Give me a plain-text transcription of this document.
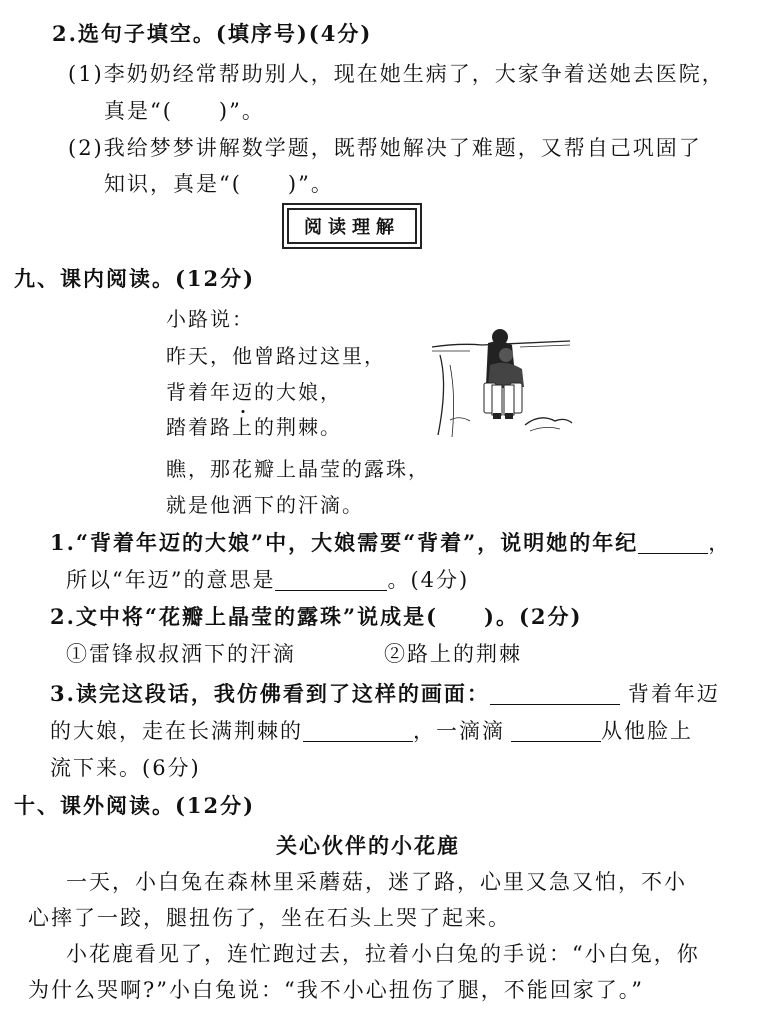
2.选句子填空。(填序号)(4分)
(1)李奶奶经常帮助别人，现在她生病了，大家争着送她去医院，
真是“(　　)”。
(2)我给梦梦讲解数学题，既帮她解决了难题，又帮自己巩固了
知识，真是“(　　)”。
阅读理解
九、课内阅读。(12分)
小路说：
昨天，他曾路过这里，
背着年迈的大娘，
踏着路上的荆棘。
瞧，那花瓣上晶莹的露珠，
就是他洒下的汗滴。
1.“背着年迈的大娘”中，大娘需要“背着”，说明她的年纪	，
所以“年迈”的意思是	。(4分)
2.文中将“花瓣上晶莹的露珠”说成是(　　)。(2分)
①雷锋叔叔洒下的汗滴	②路上的荆棘
3.读完这段话，我仿佛看到了这样的画面：	背着年迈
的大娘，走在长满荆棘的	，一滴滴	从他脸上
流下来。(6分)
十、课外阅读。(12分)
关心伙伴的小花鹿
一天，小白兔在森林里采蘑菇，迷了路，心里又急又怕，不小
心摔了一跤，腿扭伤了，坐在石头上哭了起来。
小花鹿看见了，连忙跑过去，拉着小白兔的手说：“小白兔，你
为什么哭啊?”小白兔说：“我不小心扭伤了腿，不能回家了。”
